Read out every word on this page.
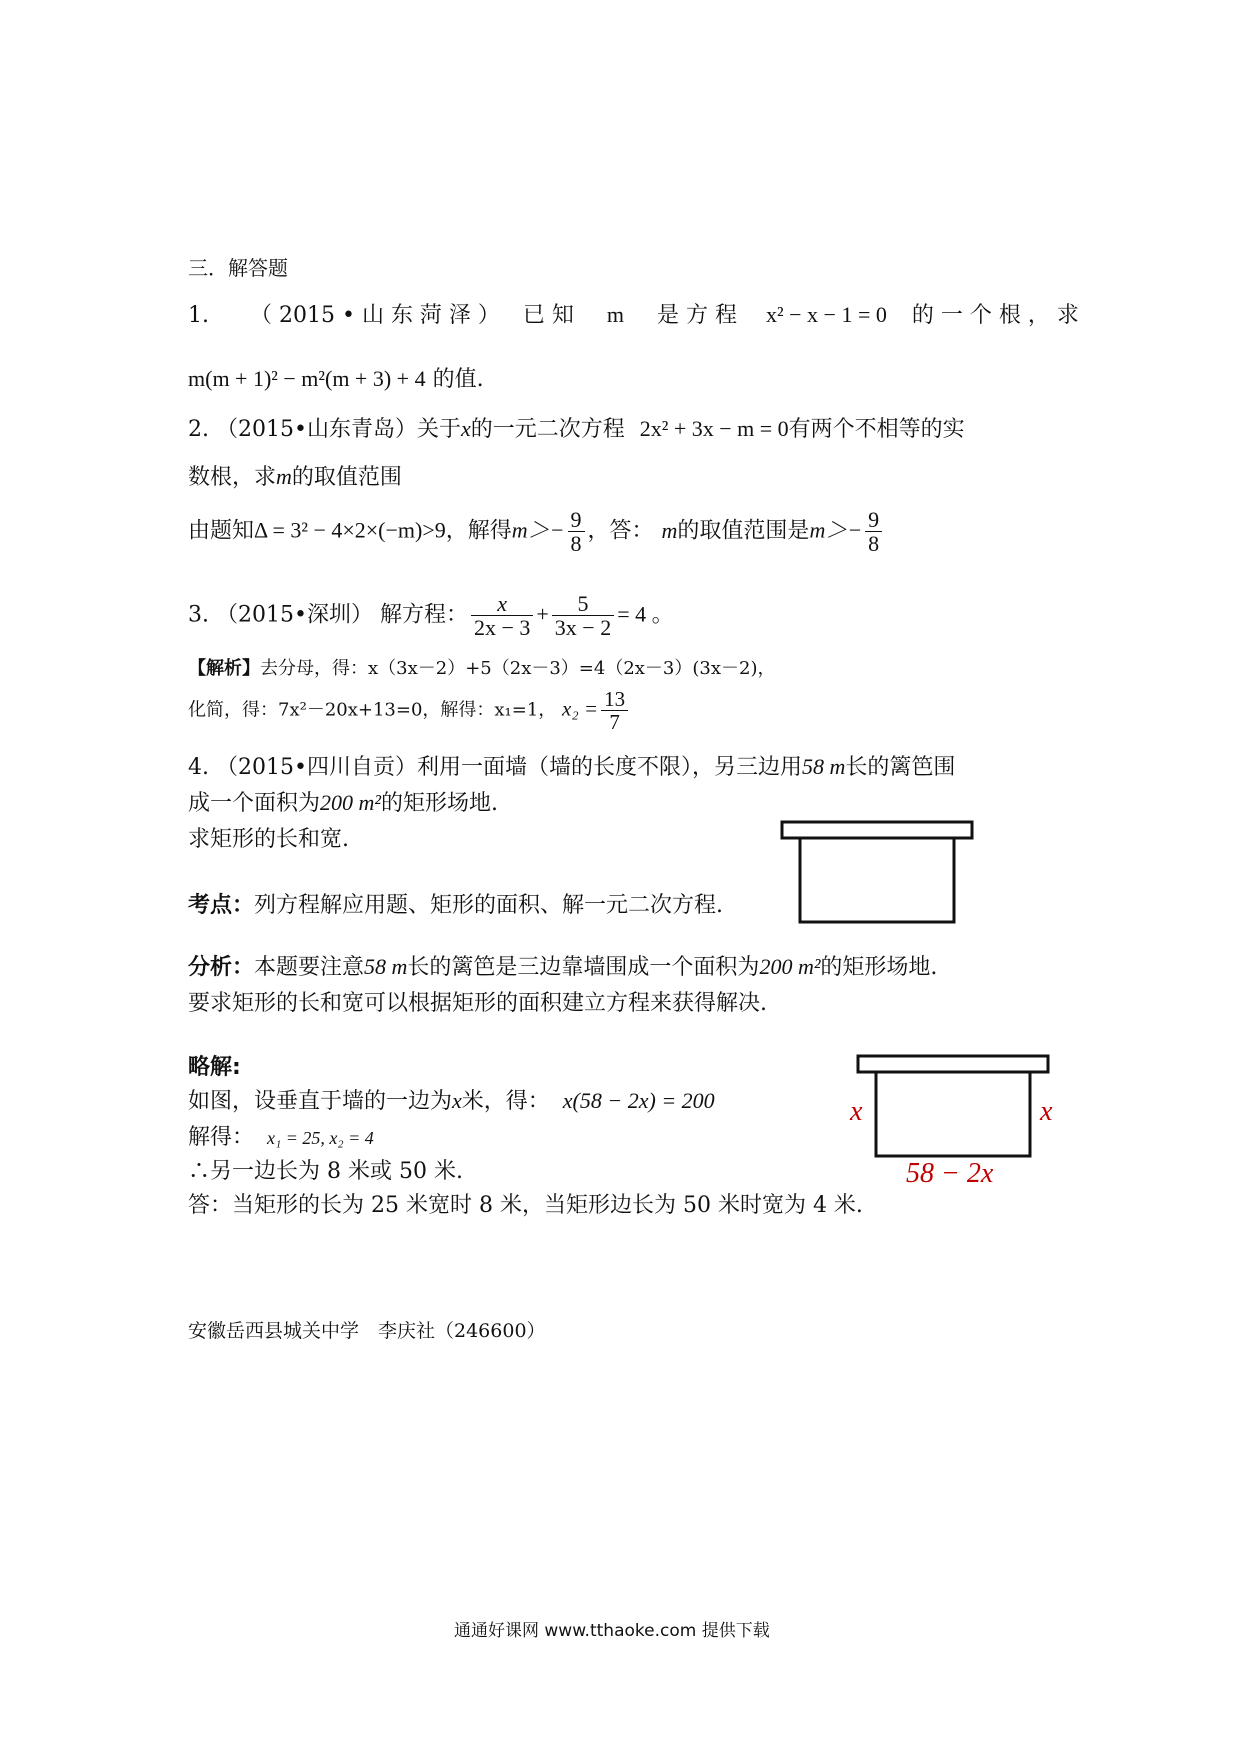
三．解答题
1. （ 2015 • 山 东 菏 泽 ） 已 知 m 是 方 程 x² − x − 1 = 0 的 一 个 根 ， 求
m(m + 1)² − m²(m + 3) + 4 的值.
2. （2015•山东青岛）关于x的一元二次方程 2x² + 3x − m = 0有两个不相等的实
数根，求m的取值范围
由题知Δ = 3² − 4×2×(−m)>9，解得$m>- \frac{9}{8}$ ，答： m的取值范围是$m>- \frac{9}{8}$
3. （2015•深圳） 解方程： $\frac{x}{2x - 3} + \frac{5}{3x - 2} = 4$ 。
【解析】去分母，得：x（3x－2）+5（2x－3）=4（2x－3）(3x－2)，
化简，得：7x²－20x+13=0，解得：x₁=1， $x_2 = \frac{13}{7}$
4. （2015•四川自贡）利用一面墙（墙的长度不限），另三边用58 m长的篱笆围
成一个面积为200 m²的矩形场地.
求矩形的长和宽.
考点：列方程解应用题、矩形的面积、解一元二次方程.
分析：本题要注意58 m长的篱笆是三边靠墙围成一个面积为200 m²的矩形场地.
要求矩形的长和宽可以根据矩形的面积建立方程来获得解决.
略解:
如图，设垂直于墙的一边为x米，得： x(58 − 2x) = 200
解得： x₁ = 25, x₂ = 4
∴另一边长为 8 米或 50 米.
答：当矩形的长为 25 米宽时 8 米，当矩形边长为 50 米时宽为 4 米.
x	x
58 − 2x
安徽岳西县城关中学　李庆社（246600）
通通好课网 www.tthaoke.com 提供下载
